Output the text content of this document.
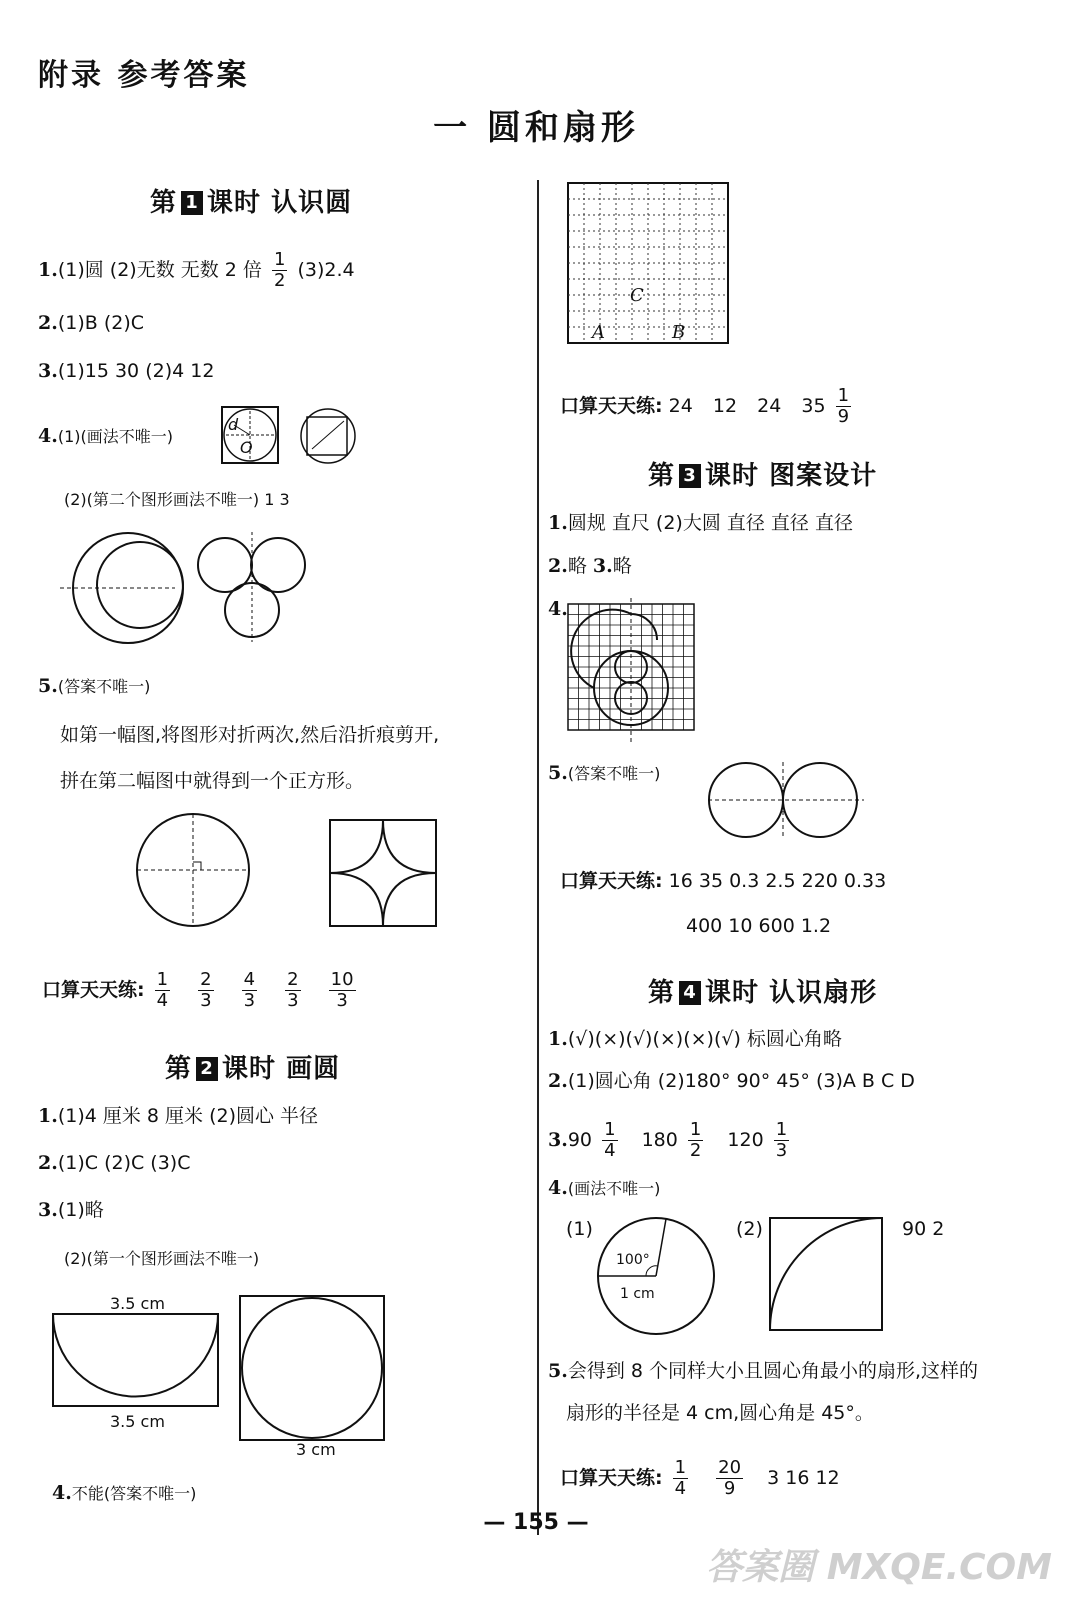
附录 参考答案
一 圆和扇形
第 1 课时 认识圆
1.(1)圆 (2)无数 无数 2 倍 $\frac{1}{2} (3)2.4$
2.(1)B (2)C
3.(1)15 30 (2)4 12
4.(1)(画法不唯一)
d
O
(2)(第二个图形画法不唯一) 1 3
5.(答案不唯一)
如第一幅图,将图形对折两次,然后沿折痕剪开,
拼在第二幅图中就得到一个正方形。
口算天天练: $\frac{1}{4}$
$\frac{2}{3}$
$\frac{4}{3}$
$\frac{2}{3}$
$\frac{10}{3}$
第 2 课时 画圆
1.(1)4 厘米 8 厘米 (2)圆心 半径
2.(1)C (2)C (3)C
3.(1)略
(2)(第一个图形画法不唯一)
3.5 cm
3.5 cm
3 cm
4.不能(答案不唯一)
A	B
C
口算天天练: 24 12 24 $35 \frac{1}{9}$
第 3 课时 图案设计
1.圆规 直尺 (2)大圆 直径 直径 直径
2.略 3.略
4.
5.(答案不唯一)
口算天天练: 16 35 0.3 2.5 220 0.33
400 10 600 1.2
第 4 课时 认识扇形
1.(√)(×)(√)(×)(×)(√) 标圆心角略
2.(1)圆心角 (2)180° 90° 45° (3)A B C D
$3.90 \frac{1}{4} 180 \frac{1}{2} 120 \frac{1}{3}$
4.(画法不唯一)
(1)	(2)	90 2
100°
1 cm
5.会得到 8 个同样大小且圆心角最小的扇形,这样的
扇形的半径是 4 cm,圆心角是 45°。
口算天天练: $\frac{1}{4}$
$\frac{20}{9} 3$ 16 12
— 155 —
答案圈 MXQE.COM
